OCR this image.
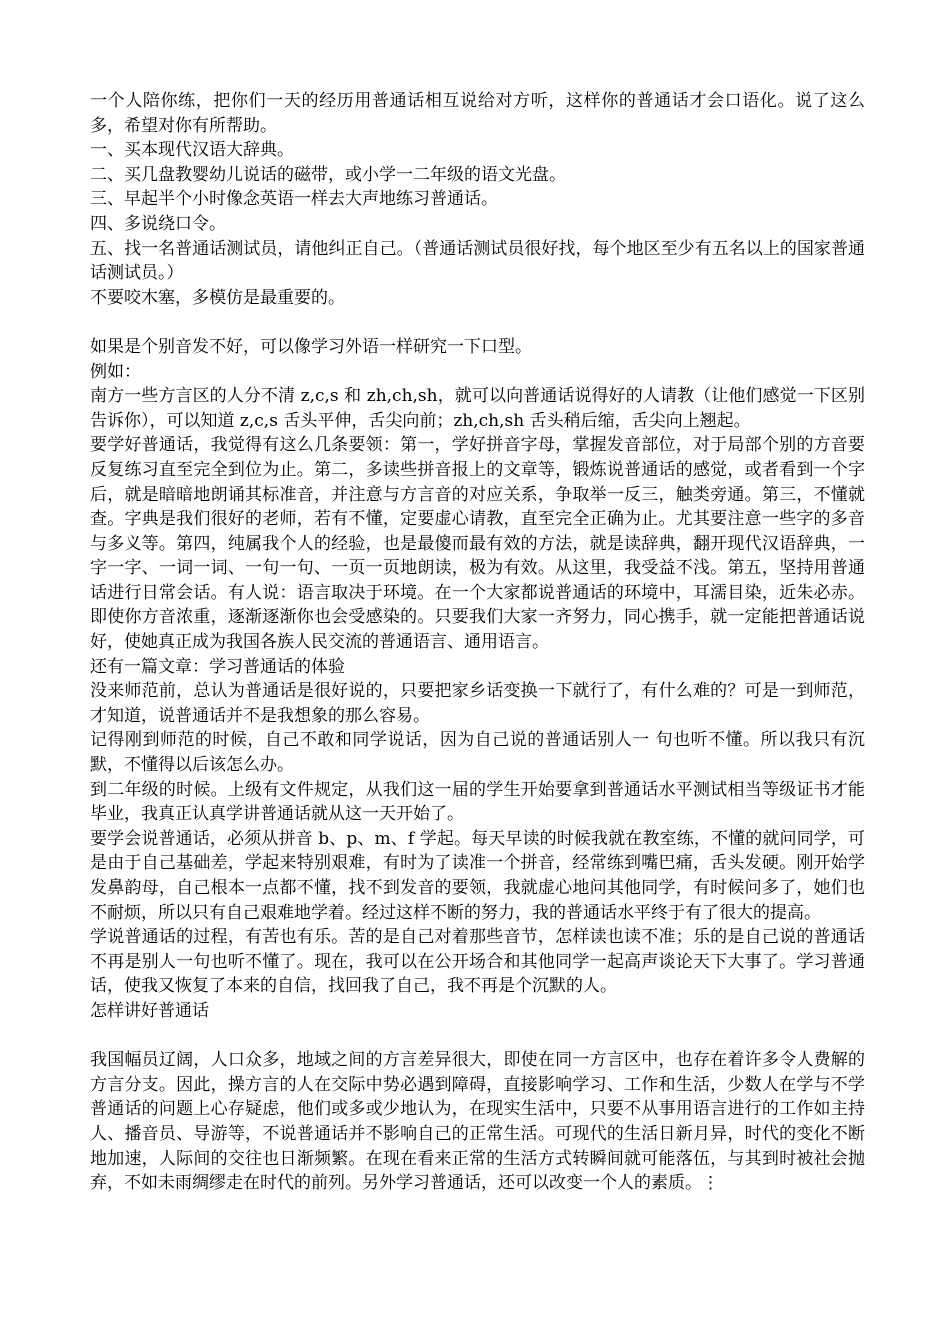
一个人陪你练，把你们一天的经历用普通话相互说给对方听，这样你的普通话才会口语化。说了这么多，希望对你有所帮助。

一、买本现代汉语大辞典。

二、买几盘教婴幼儿说话的磁带，或小学一二年级的语文光盘。

三、早起半个小时像念英语一样去大声地练习普通话。

四、多说绕口令。

五、找一名普通话测试员，请他纠正自己。（普通话测试员很好找，每个地区至少有五名以上的国家普通话测试员。）

不要咬木塞，多模仿是最重要的。

如果是个别音发不好，可以像学习外语一样研究一下口型。

例如：

南方一些方言区的人分不清 z,c,s 和 zh,ch,sh，就可以向普通话说得好的人请教（让他们感觉一下区别告诉你），可以知道 z,c,s 舌头平伸，舌尖向前；zh,ch,sh 舌头稍后缩，舌尖向上翘起。

要学好普通话，我觉得有这么几条要领：第一，学好拼音字母，掌握发音部位，对于局部个别的方音要反复练习直至完全到位为止。第二，多读些拼音报上的文章等，锻炼说普通话的感觉，或者看到一个字后，就是暗暗地朗诵其标准音，并注意与方言音的对应关系，争取举一反三，触类旁通。第三，不懂就查。字典是我们很好的老师，若有不懂，定要虚心请教，直至完全正确为止。尤其要注意一些字的多音与多义等。第四，纯属我个人的经验，也是最傻而最有效的方法，就是读辞典，翻开现代汉语辞典，一字一字、一词一词、一句一句、一页一页地朗读，极为有效。从这里，我受益不浅。第五，坚持用普通话进行日常会话。有人说：语言取决于环境。在一个大家都说普通话的环境中，耳濡目染，近朱必赤。即使你方音浓重，逐渐逐渐你也会受感染的。只要我们大家一齐努力，同心携手，就一定能把普通话说好，使她真正成为我国各族人民交流的普通语言、通用语言。

还有一篇文章：学习普通话的体验

没来师范前，总认为普通话是很好说的，只要把家乡话变换一下就行了，有什么难的？可是一到师范，才知道，说普通话并不是我想象的那么容易。

记得刚到师范的时候，自己不敢和同学说话，因为自己说的普通话别人一 句也听不懂。所以我只有沉默，不懂得以后该怎么办。

到二年级的时候。上级有文件规定，从我们这一届的学生开始要拿到普通话水平测试相当等级证书才能毕业，我真正认真学讲普通话就从这一天开始了。

要学会说普通话，必须从拼音 b、p、m、f 学起。每天早读的时候我就在教室练，不懂的就问同学，可是由于自己基础差，学起来特别艰难，有时为了读准一个拼音，经常练到嘴巴痛，舌头发硬。刚开始学发鼻韵母，自己根本一点都不懂，找不到发音的要领，我就虚心地问其他同学，有时候问多了，她们也不耐烦，所以只有自己艰难地学着。经过这样不断的努力，我的普通话水平终于有了很大的提高。

学说普通话的过程，有苦也有乐。苦的是自己对着那些音节，怎样读也读不准；乐的是自己说的普通话不再是别人一句也听不懂了。现在，我可以在公开场合和其他同学一起高声谈论天下大事了。学习普通话，使我又恢复了本来的自信，找回我了自己，我不再是个沉默的人。

怎样讲好普通话

我国幅员辽阔，人口众多，地域之间的方言差异很大，即使在同一方言区中，也存在着许多令人费解的方言分支。因此，操方言的人在交际中势必遇到障碍，直接影响学习、工作和生活，少数人在学与不学普通话的问题上心存疑虑，他们或多或少地认为，在现实生活中，只要不从事用语言进行的工作如主持人、播音员、导游等，不说普通话并不影响自己的正常生活。可现代的生活日新月异，时代的变化不断地加速，人际间的交往也日渐频繁。在现在看来正常的生活方式转瞬间就可能落伍，与其到时被社会抛弃，不如未雨绸缪走在时代的前列。另外学习普通话，还可以改变一个人的素质。⋮
